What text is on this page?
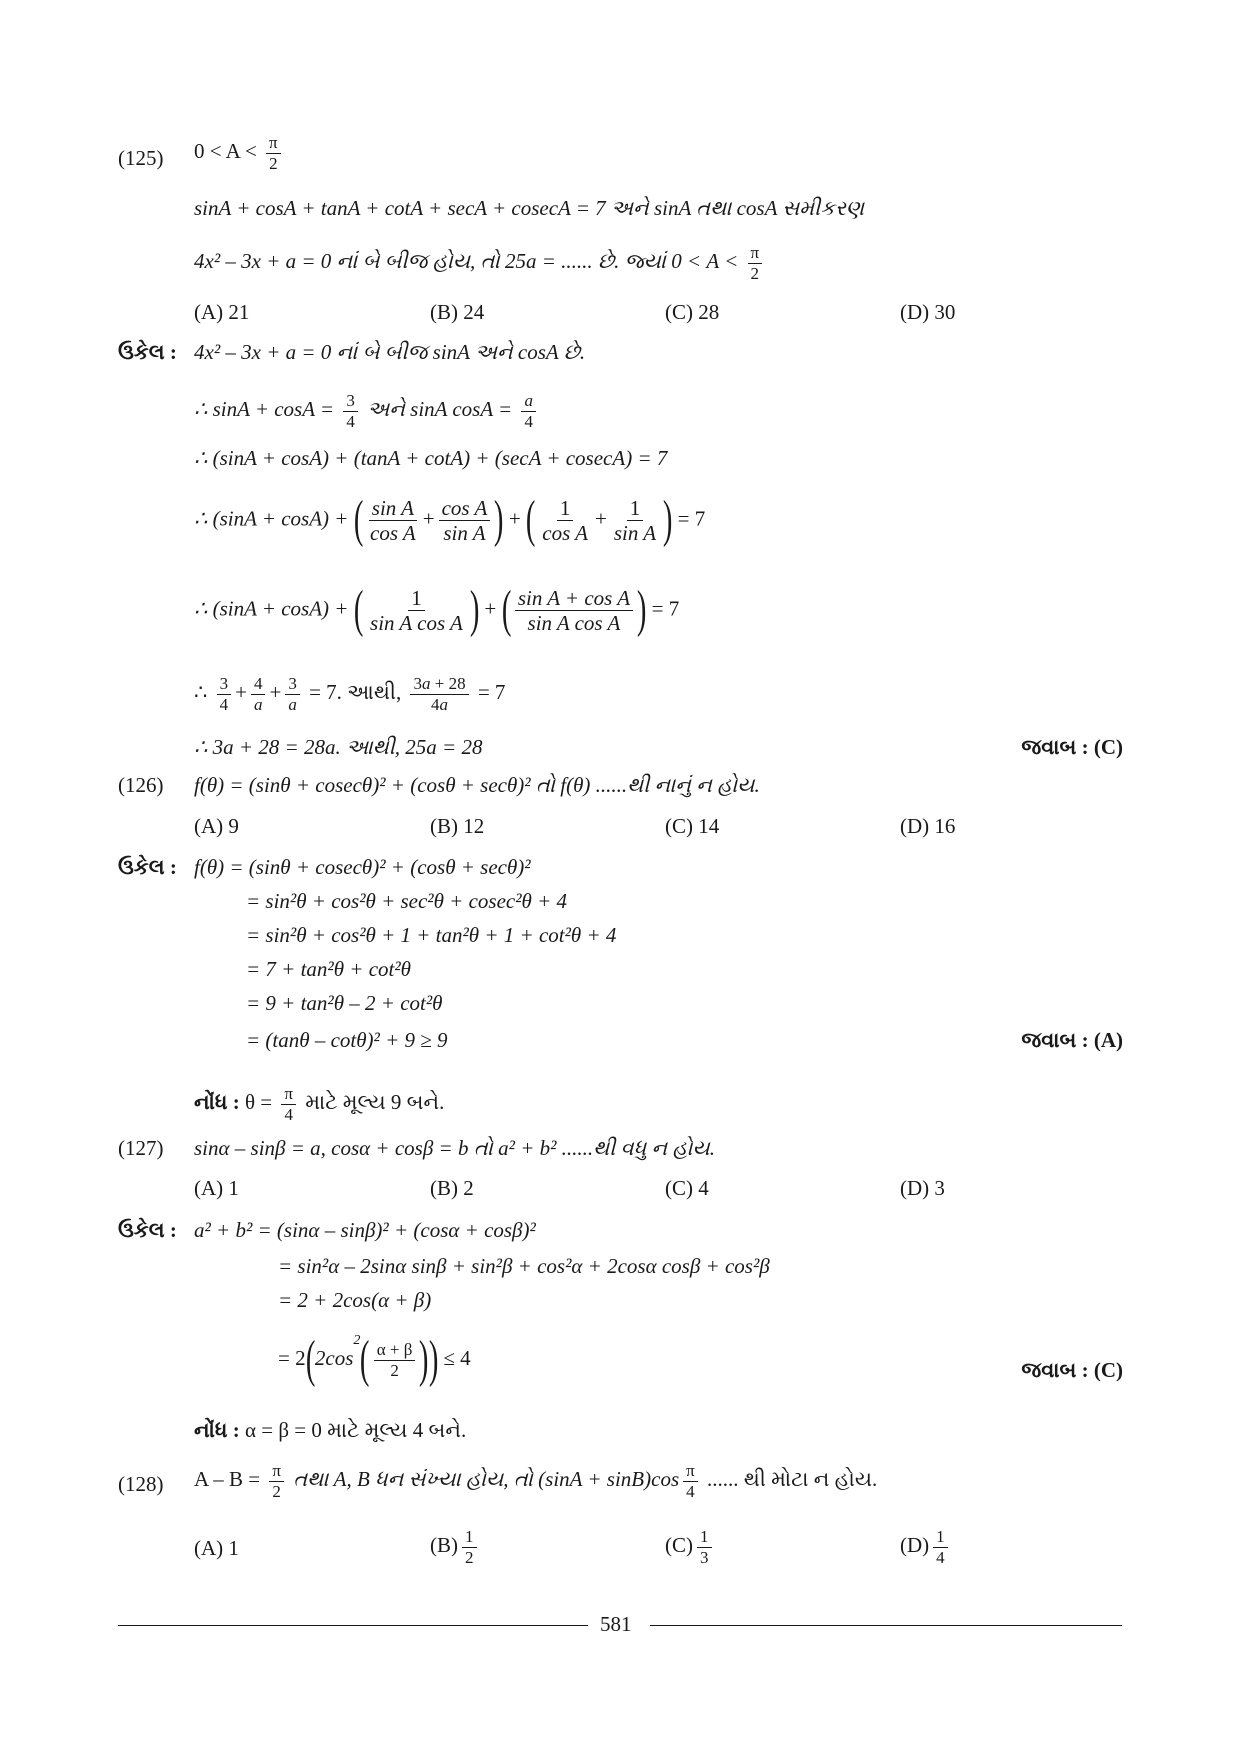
(125) $0 < A < \frac{\pi}{2}$
sinA + cosA + tanA + cotA + secA + cosecA = 7 અને sinA તથા cosA સમીકરણ
4x² – 3x + a = 0 નાં બે બીજ હોય, તો 25a = ...... છે. જ્યાં $0 < A < \frac{\pi}{2}$
(A) 21	(B) 24	(C) 28	(D) 30
ઉકેલ : 4x² – 3x + a = 0 નાં બે બીજ sinA અને cosA છે.
∴ $\sin A + \cos A = \frac{3}{4}$ અને sinA $\cos A = \frac{a}{4}$
∴ (sinA + cosA) + (tanA + cotA) + (secA + cosecA) = 7
∴ (sinA + cosA) + ( $\frac{\text{sin A}}{\text{cos A}} + \frac{\text{cos A}}{\text{sin A}}$ ) + ( $\frac{1}{\text{cos A}} + \frac{1}{\text{sin A}}$ ) = 7
∴ (sinA + cosA) + ( $\frac{1}{\text{sin A cos A}}$ ) + ( $\frac{\text{sin A + cos A}}{\text{sin A cos A}}$ ) = 7
∴ $\frac{3}{4} + \frac{4}{a} + \frac{3}{a} = 7$. આથી, $\frac{3a + 28}{4a} = 7$
∴ 3a + 28 = 28a. આથી, 25a = 28	જવાબ : (C)
(126) f(θ) = (sinθ + cosecθ)² + (cosθ + secθ)² તો f(θ) ......થી નાનું ન હોય.
(A) 9	(B) 12	(C) 14	(D) 16
ઉકેલ : f(θ) = (sinθ + cosecθ)² + (cosθ + secθ)²
= sin²θ + cos²θ + sec²θ + cosec²θ + 4
= sin²θ + cos²θ + 1 + tan²θ + 1 + cot²θ + 4
= 7 + tan²θ + cot²θ
= 9 + tan²θ – 2 + cot²θ
= (tanθ – cotθ)² + 9 ≥ 9	જવાબ : (A)
નોંધ : $\theta = \frac{\pi}{4}$ માટે મૂલ્ય 9 બને.
(127) sinα – sinβ = a, cosα + cosβ = b તો a² + b² ......થી વધુ ન હોય.
(A) 1	(B) 2	(C) 4	(D) 3
ઉકેલ : a² + b² = (sinα – sinβ)² + (cosα + cosβ)²
= sin²α – 2sinα sinβ + sin²β + cos²α + 2cosα cosβ + cos²β
= 2 + 2cos(α + β)
= $2(2\cos^2( \frac{\alpha + \beta}{2}$ )) ≤ 4	જવાબ : (C)
નોંધ : α = β = 0 માટે મૂલ્ય 4 બને.
(128) $A - B = \frac{\pi}{2}$ તથા A, B ધન સંખ્યા હોય, તો $(\sin A + \sin B)\cos \frac{\pi}{4}$ ...... થી મોટા ન હોય.
(A) 1	$(B) \frac{1}{2}$	$(C) \frac{1}{3}$	$(D) \frac{1}{4}$
581
